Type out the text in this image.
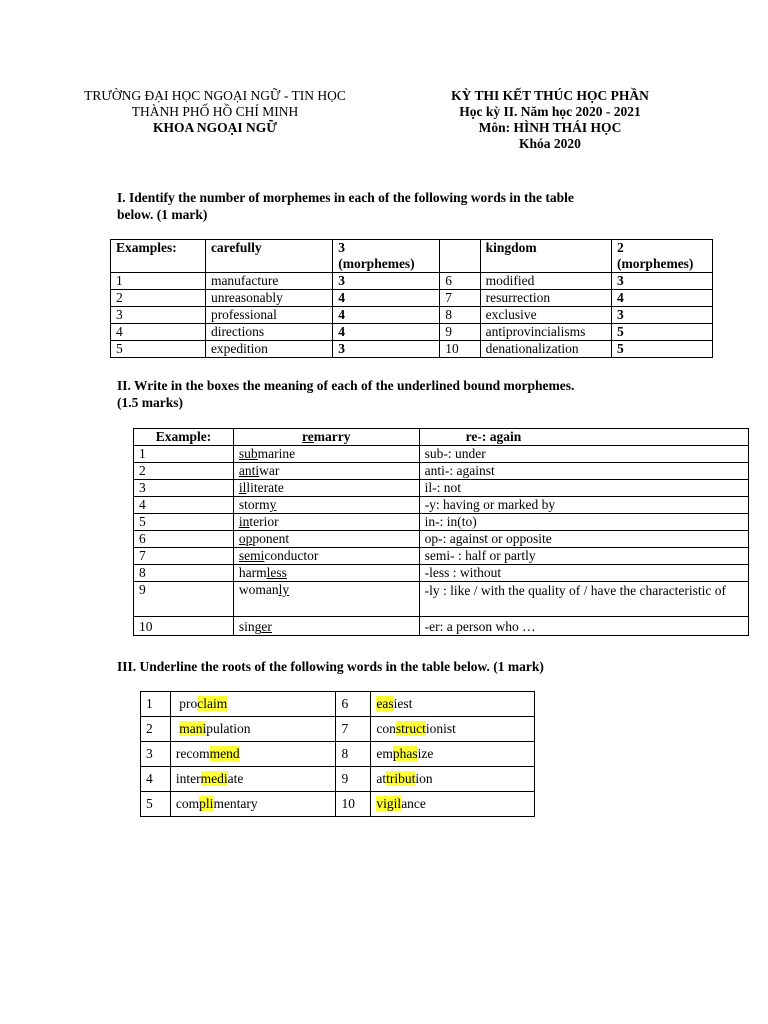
TRƯỜNG ĐẠI HỌC NGOẠI NGỮ - TIN HỌC
THÀNH PHỐ HỒ CHÍ MINH
KHOA NGOẠI NGỮ
KỲ THI KẾT THÚC HỌC PHẦN
Học kỳ II. Năm học 2020 - 2021
Môn: HÌNH THÁI HỌC
Khóa 2020
I. Identify the number of morphemes in each of the following words in the table
below. (1 mark)
Examples:	carefully	3
(morphemes)		kingdom	2
(morphemes)
1	manufacture	3	6	modified	3
2	unreasonably	4	7	resurrection	4
3	professional	4	8	exclusive	3
4	directions	4	9	antiprovincialisms	5
5	expedition	3	10	denationalization	5
II. Write in the boxes the meaning of each of the underlined bound morphemes.
(1.5 marks)
Example:	remarry	re-: again
1	submarine	sub-: under
2	antiwar	anti-: against
3	illiterate	il-: not
4	stormy	-y: having or marked by
5	interior	in-: in(to)
6	opponent	op-: against or opposite
7	semiconductor	semi- : half or partly
8	harmless	-less : without
9	womanly	-ly : like / with the quality of / have the characteristic of
10	singer	-er: a person who …
III. Underline the roots of the following words in the table below. (1 mark)
1	proclaim	6	easiest
2	manipulation	7	constructionist
3	recommend	8	emphasize
4	intermediate	9	attribution
5	complimentary	10	vigilance
